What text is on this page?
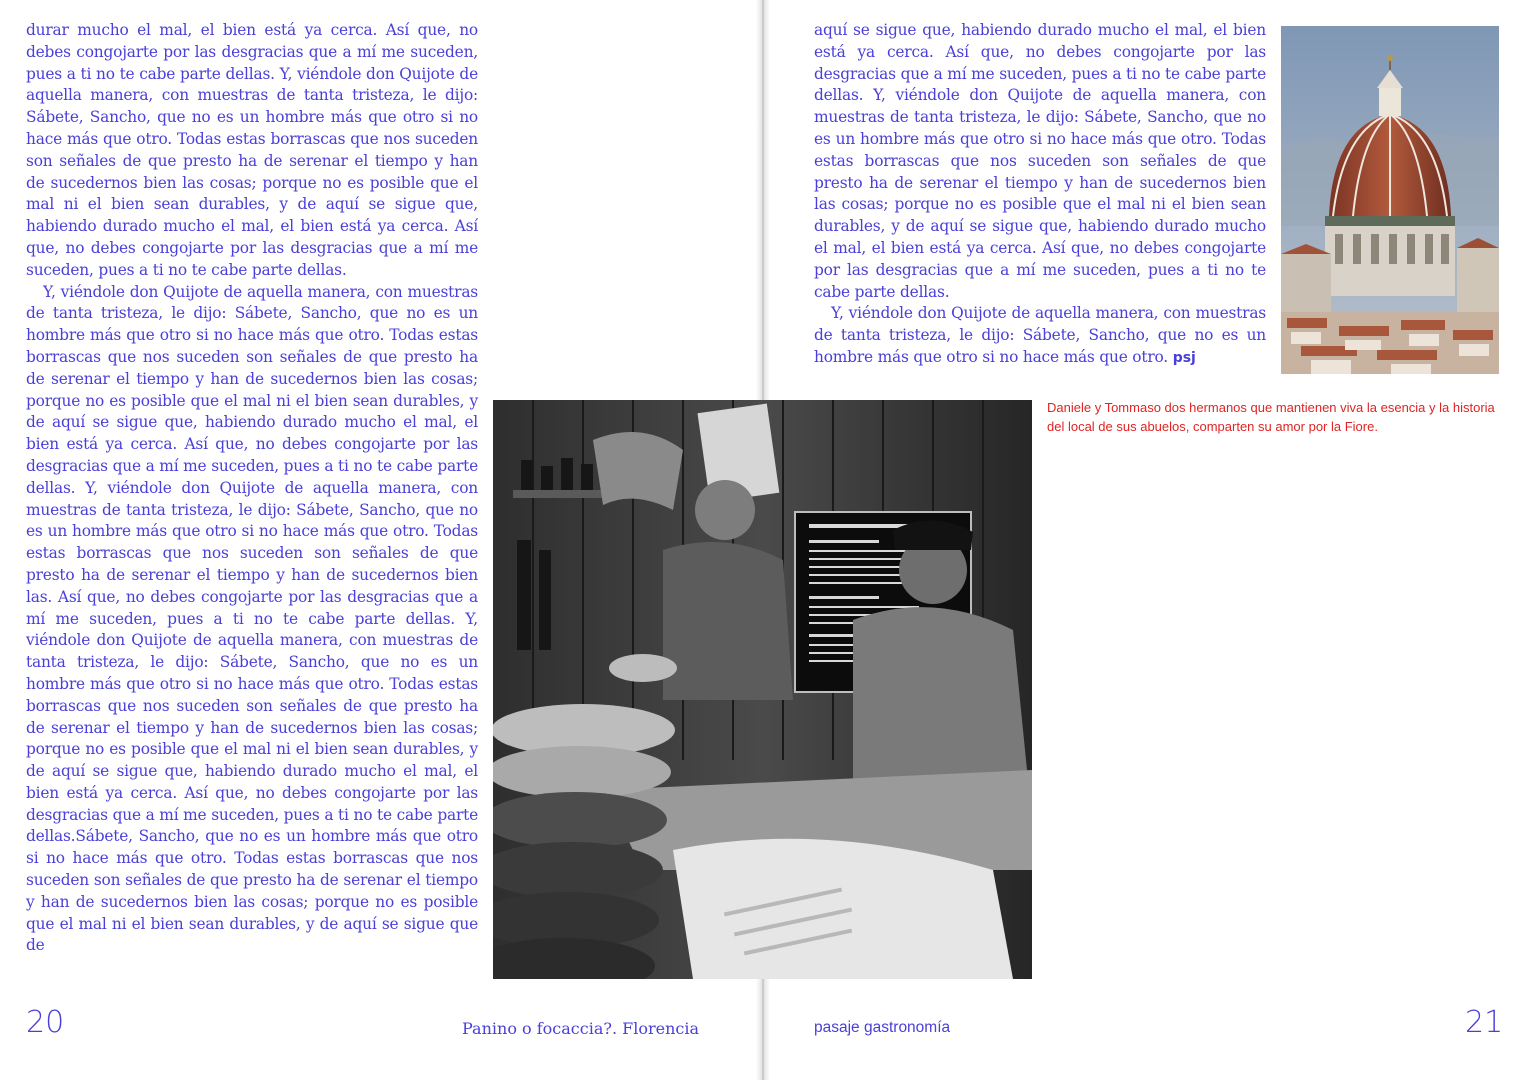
durar mucho el mal, el bien está ya cerca. Así que, no debes congojarte por las desgracias que a mí me suceden, pues a ti no te cabe parte dellas. Y, viéndole don Quijote de aquella manera, con muestras de tanta tristeza, le dijo: Sábete, Sancho, que no es un hombre más que otro si no hace más que otro. Todas estas borrascas que nos suceden son señales de que presto ha de serenar el tiempo y han de sucedernos bien las cosas; porque no es posible que el mal ni el bien sean durables, y de aquí se sigue que, habiendo durado mucho el mal, el bien está ya cerca. Así que, no debes congojarte por las desgracias que a mí me suceden, pues a ti no te cabe parte dellas.

Y, viéndole don Quijote de aquella manera, con muestras de tanta tristeza, le dijo: Sábete, Sancho, que no es un hombre más que otro si no hace más que otro. Todas estas borrascas que nos suceden son señales de que presto ha de serenar el tiempo y han de sucedernos bien las cosas; porque no es posible que el mal ni el bien sean durables, y de aquí se sigue que, habiendo durado mucho el mal, el bien está ya cerca. Así que, no debes congojarte por las desgracias que a mí me suceden, pues a ti no te cabe parte dellas. Y, viéndole don Quijote de aquella manera, con muestras de tanta tristeza, le dijo: Sábete, Sancho, que no es un hombre más que otro si no hace más que otro. Todas estas borrascas que nos suceden son señales de que presto ha de serenar el tiempo y han de sucedernos bien las. Así que, no debes congojarte por las desgracias que a mí me suceden, pues a ti no te cabe parte dellas. Y, viéndole don Quijote de aquella manera, con muestras de tanta tristeza, le dijo: Sábete, Sancho, que no es un hombre más que otro si no hace más que otro. Todas estas borrascas que nos suceden son señales de que presto ha de serenar el tiempo y han de sucedernos bien las cosas; porque no es posible que el mal ni el bien sean durables, y de aquí se sigue que, habiendo durado mucho el mal, el bien está ya cerca. Así que, no debes congojarte por las desgracias que a mí me suceden, pues a ti no te cabe parte dellas.Sábete, Sancho, que no es un hombre más que otro si no hace más que otro. Todas estas borrascas que nos suceden son señales de que presto ha de serenar el tiempo y han de sucedernos bien las cosas; porque no es posible que el mal ni el bien sean durables, y de aquí se sigue que de

20	Panino o focaccia?. Florencia

aquí se sigue que, habiendo durado mucho el mal, el bien está ya cerca. Así que, no debes congojarte por las desgracias que a mí me suceden, pues a ti no te cabe parte dellas. Y, viéndole don Quijote de aquella manera, con muestras de tanta tristeza, le dijo: Sábete, Sancho, que no es un hombre más que otro si no hace más que otro. Todas estas borrascas que nos suceden son señales de que presto ha de serenar el tiempo y han de sucedernos bien las cosas; porque no es posible que el mal ni el bien sean durables, y de aquí se sigue que, habiendo durado mucho el mal, el bien está ya cerca. Así que, no debes congojarte por las desgracias que a mí me suceden, pues a ti no te cabe parte dellas.

Y, viéndole don Quijote de aquella manera, con muestras de tanta tristeza, le dijo: Sábete, Sancho, que no es un hombre más que otro si no hace más que otro. psj

Daniele y Tommaso dos hermanos que mantienen viva la esencia y la historia del local de sus abuelos, comparten su amor por la Fiore.
21
pasaje gastronomía
